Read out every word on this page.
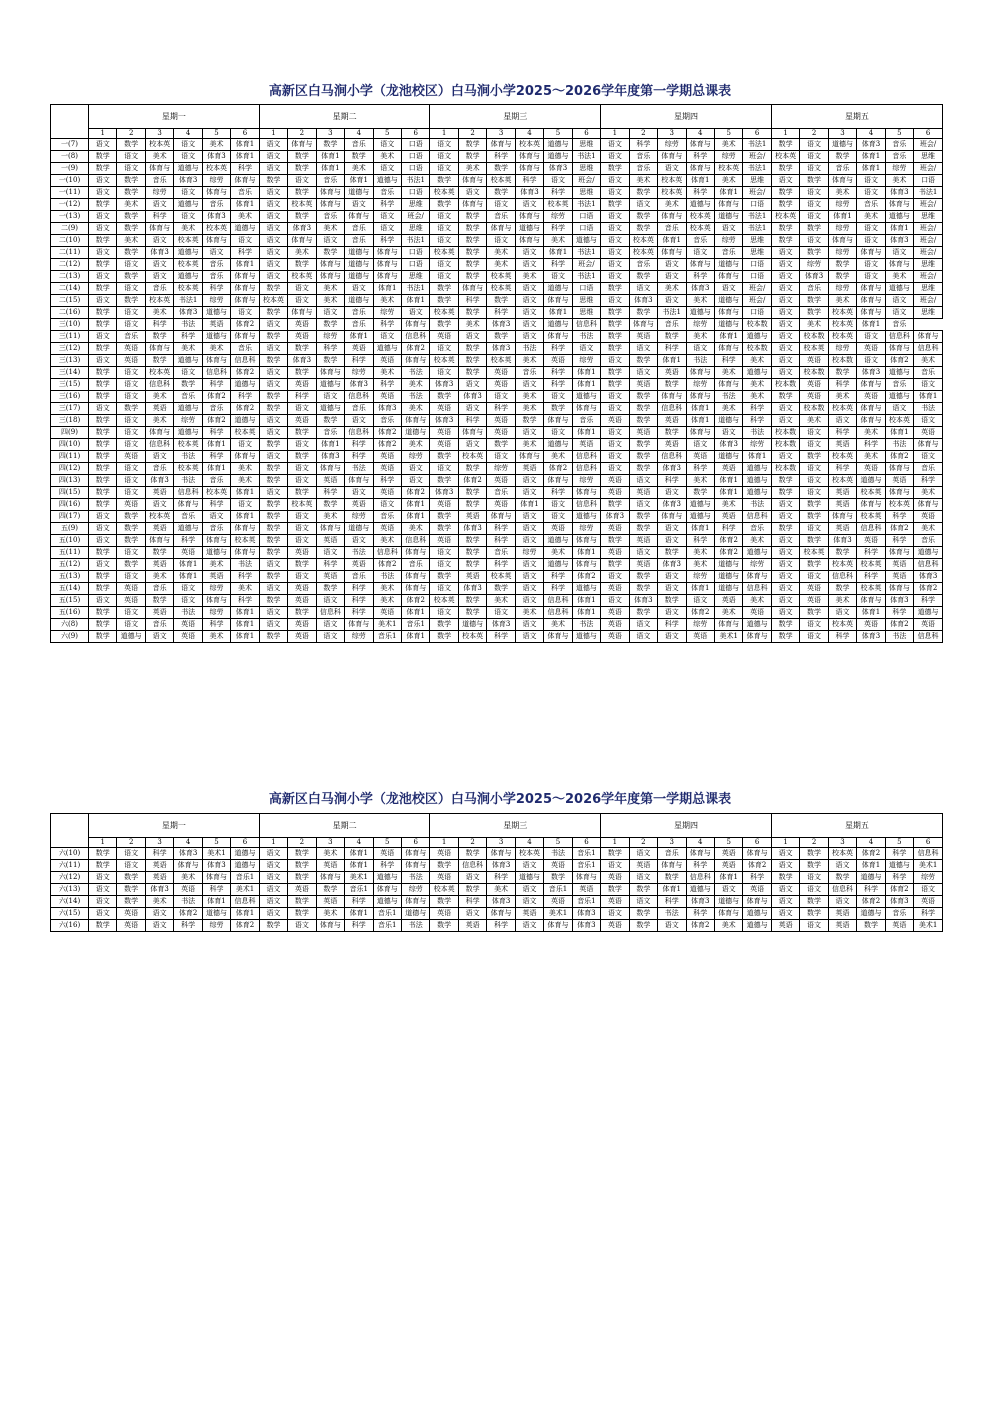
高新区白马涧小学（龙池校区）白马涧小学2025～2026学年度第一学期总课表
	星期一						星期二						星期三						星期四						星期五					
	1	2	3	4	5	6	1	2	3	4	5	6	1	2	3	4	5	6	1	2	3	4	5	6	1	2	3	4	5	6
一(7)	语文	数学	校本英	语文	美术	体育1	语文	体育与	数学	音乐	语文	口语	语文	数学	体育与	校本英	道德与	思维	语文	科学	综劳	体育与	美术	书法1	数学	语文	道德与	体育3	音乐	班会/
一(8)	数学	语文	美术	语文	体育3	体育1	语文	数学	体育1	数学	美术	口语	语文	数学	科学	体育与	道德与	书法1	语文	音乐	体育与	科学	综劳	班会/	校本英	语文	数学	体育1	音乐	思维
一(9)	数学	语文	体育与	道德与	校本英	科学	语文	数学	体育1	美术	语文	口语	语文	美术	数学	体育与	体育3	思维	数学	音乐	语文	体育与	校本英	书法1	数学	语文	音乐	体育1	综劳	班会/
一(10)	语文	数学	音乐	体育3	综劳	体育与	数学	语文	音乐	体育1	道德与	书法1	数学	体育与	校本英	科学	语文	班会/	语文	美术	校本英	体育1	美术	思维	语文	数学	体育与	语文	美术	口语
一(11)	语文	数学	综劳	语文	体育与	音乐	语文	数学	体育与	道德与	音乐	口语	校本英	语文	数学	体育3	科学	思维	语文	数学	校本英	科学	体育1	班会/	数学	语文	美术	语文	体育3	书法1
一(12)	数学	美术	语文	道德与	音乐	体育1	语文	校本英	体育与	语文	科学	思维	数学	体育与	语文	语文	校本英	书法1	数学	语文	美术	道德与	体育与	口语	数学	语文	综劳	音乐	体育与	班会/
一(13)	语文	数学	科学	语文	体育3	美术	语文	数学	音乐	体育与	语文	班会/	语文	数学	音乐	体育与	综劳	口语	语文	数学	体育与	校本英	道德与	书法1	校本英	语文	体育1	美术	道德与	思维
二(9)	语文	数学	体育与	美术	校本英	道德与	语文	体育3	美术	音乐	语文	思维	语文	数学	体育与	道德与	科学	口语	语文	数学	音乐	校本英	语文	书法1	数学	数学	综劳	语文	体育1	班会/
二(10)	数学	美术	语文	校本英	体育与	语文	语文	体育与	语文	音乐	科学	书法1	语文	数学	语文	体育与	美术	道德与	语文	校本英	体育1	音乐	综劳	思维	数学	语文	体育与	语文	体育3	班会/
二(11)	语文	数学	体育3	道德与	语文	科学	语文	美术	数学	道德与	体育与	口语	校本英	数学	美术	语文	体育1	书法1	语文	校本英	体育与	语文	音乐	思维	语文	数学	综劳	体育与	语文	班会/
二(12)	数学	语文	语文	校本英	音乐	体育1	语文	数学	体育与	道德与	体育与	口语	语文	数学	美术	语文	科学	班会/	语文	音乐	语文	体育与	道德与	口语	语文	综劳	数学	语文	体育与	思维
二(13)	语文	数学	语文	道德与	音乐	体育与	语文	校本英	体育与	道德与	体育与	思维	语文	数学	校本英	美术	语文	书法1	语文	数学	语文	科学	体育与	口语	语文	体育3	数学	语文	美术	班会/
二(14)	数学	语文	音乐	校本英	科学	体育与	数学	语文	美术	语文	体育1	书法1	数学	体育与	校本英	语文	道德与	口语	数学	语文	美术	体育3	语文	班会/	语文	音乐	综劳	体育与	道德与	思维
二(15)	语文	数学	校本英	书法1	综劳	体育与	校本英	语文	美术	道德与	美术	体育1	数学	科学	数学	语文	体育与	思维	语文	体育3	语文	美术	道德与	班会/	语文	数学	美术	体育与	语文	班会/
二(16)	数学	语文	美术	体育3	道德与	语文	数学	体育与	语文	音乐	综劳	语文	校本英	数学	科学	语文	体育1	思维	数学	数学	书法1	道德与	体育与	口语	语文	数学	校本英	体育与	语文	思维
三(10)	数学	语文	科学	书法	英语	体育2	语文	英语	数学	音乐	科学	体育与	数学	美术	体育3	语文	道德与	信息科	数学	体育与	音乐	综劳	道德与	校本数	语文	美术	校本英	体育1	音乐	
三(11)	语文	音乐	数学	科学	道德与	体育与	数学	英语	综劳	体育1	语文	信息科	英语	语文	数学	语文	体育与	书法	数学	英语	数学	美术	体育1	道德与	语文	校本数	校本英	语文	信息科	体育与
三(12)	数学	英语	体育与	美术	美术	音乐	语文	数学	科学	英语	道德与	体育2	语文	数学	体育3	书法	科学	语文	数学	语文	科学	语文	体育与	校本数	语文	校本英	综劳	英语	体育与	信息科
三(13)	语文	英语	数学	道德与	体育与	信息科	数学	体育3	数学	科学	英语	体育与	校本英	数学	校本英	美术	英语	综劳	语文	数学	体育1	书法	科学	美术	语文	英语	校本数	语文	体育2	美术
三(14)	数学	语文	校本英	语文	信息科	体育2	语文	数学	体育与	综劳	美术	书法	语文	数学	英语	音乐	科学	体育1	数学	语文	英语	体育与	美术	道德与	语文	校本数	数学	体育3	道德与	音乐
三(15)	数学	语文	信息科	数学	科学	道德与	语文	英语	道德与	体育3	科学	美术	体育3	语文	英语	语文	科学	体育1	数学	英语	数学	综劳	体育与	美术	校本数	英语	科学	体育与	音乐	语文
三(16)	数学	语文	美术	音乐	体育2	科学	数学	科学	语文	信息科	英语	书法	数学	体育3	语文	美术	语文	道德与	语文	数学	体育与	体育与	书法	美术	数学	英语	美术	英语	道德与	体育1
三(17)	语文	数学	英语	道德与	音乐	体育2	数学	语文	道德与	音乐	体育3	美术	英语	语文	科学	美术	数学	体育与	语文	数学	信息科	体育1	美术	科学	语文	校本数	校本英	体育与	语文	书法
三(18)	数学	语文	美术	综劳	体育2	道德与	语文	英语	数学	语文	音乐	体育与	体育3	科学	英语	数学	体育与	音乐	英语	数学	英语	体育1	道德与	科学	语文	美术	语文	体育与	校本英	语文
四(9)	数学	语文	体育与	道德与	科学	校本英	语文	数学	音乐	信息科	体育2	道德与	英语	体育与	英语	语文	语文	体育1	语文	英语	数学	体育与	语文	书法	校本数	语文	科学	美术	体育1	英语
四(10)	数学	语文	信息科	校本英	体育1	语文	数学	语文	体育1	科学	体育2	美术	英语	语文	数学	美术	道德与	英语	语文	数学	英语	语文	体育3	综劳	校本数	语文	英语	科学	书法	体育与
四(11)	数学	英语	语文	书法	科学	体育与	语文	数学	体育3	科学	英语	综劳	数学	校本英	语文	体育与	美术	信息科	语文	数学	信息科	英语	道德与	体育1	语文	数学	校本英	美术	体育2	语文
四(12)	数学	语文	音乐	校本英	体育1	美术	数学	语文	体育与	书法	英语	语文	语文	数学	综劳	英语	体育2	信息科	语文	数学	体育3	科学	英语	道德与	校本数	语文	科学	英语	体育与	音乐
四(13)	数学	语文	体育3	书法	音乐	美术	数学	语文	英语	体育与	科学	语文	数学	体育2	英语	语文	体育与	综劳	英语	语文	科学	美术	体育1	道德与	数学	语文	校本英	道德与	英语	科学
四(15)	数学	语文	英语	信息科	校本英	体育1	语文	数学	科学	语文	英语	体育2	体育3	数学	音乐	语文	科学	体育与	英语	英语	语文	数学	体育1	道德与	数学	语文	英语	校本英	体育与	美术
四(16)	数学	英语	语文	体育与	科学	语文	数学	校本英	数学	英语	语文	体育1	英语	数学	英语	体育1	语文	信息科	数学	语文	体育3	道德与	美术	书法	语文	数学	英语	体育与	校本英	体育与
四(17)	语文	数学	校本英	音乐	语文	体育1	数学	语文	美术	综劳	音乐	体育1	数学	英语	体育与	语文	语文	道德与	体育3	数学	体育与	道德与	英语	信息科	语文	数学	体育与	校本英	科学	英语
五(9)	语文	数学	英语	道德与	音乐	体育与	数学	语文	体育与	道德与	英语	美术	数学	体育3	科学	语文	英语	综劳	英语	数学	语文	体育1	科学	音乐	数学	语文	英语	信息科	体育2	美术
五(10)	语文	数学	体育与	科学	体育与	校本英	数学	语文	英语	语文	美术	信息科	英语	数学	科学	语文	道德与	体育与	数学	英语	语文	科学	体育2	美术	语文	数学	体育3	英语	科学	音乐
五(11)	数学	语文	数学	英语	道德与	体育与	数学	英语	语文	书法	信息科	体育与	语文	数学	音乐	综劳	美术	体育1	英语	语文	数学	美术	体育2	道德与	语文	校本英	数学	科学	体育与	道德与
五(12)	语文	数学	英语	体育1	美术	书法	语文	数学	科学	英语	体育2	音乐	语文	数学	科学	语文	道德与	体育与	数学	英语	体育3	美术	道德与	综劳	语文	数学	校本英	校本英	英语	信息科
五(13)	数学	语文	美术	体育1	英语	科学	数学	语文	英语	音乐	书法	体育与	数学	英语	校本英	语文	科学	体育2	语文	数学	语文	综劳	道德与	体育与	语文	语文	信息科	科学	英语	体育3
五(14)	数学	英语	音乐	语文	综劳	美术	语文	英语	数学	科学	美术	体育与	语文	体育3	数学	语文	科学	道德与	英语	数学	语文	体育1	道德与	信息科	语文	英语	数学	校本英	体育与	体育2
五(15)	语文	英语	数学	语文	体育与	科学	数学	英语	语文	科学	美术	体育2	校本英	数学	美术	语文	信息科	体育1	语文	体育3	数学	语文	英语	美术	语文	英语	美术	体育与	体育3	科学
五(16)	数学	语文	英语	书法	综劳	体育1	语文	数学	信息科	科学	英语	体育1	语文	数学	语文	美术	信息科	体育1	英语	数学	语文	体育2	美术	英语	语文	数学	语文	体育1	科学	道德与
六(8)	数学	语文	音乐	英语	科学	体育1	语文	英语	语文	体育与	美术1	音乐1	数学	道德与	体育3	语文	美术	书法	英语	语文	科学	综劳	体育与	道德与	数学	语文	校本英	英语	体育2	英语
六(9)	数学	道德与	语文	英语	美术	体育1	数学	英语	语文	综劳	音乐1	体育1	数学	校本英	科学	语文	体育与	道德与	英语	语文	语文	英语	美术1	体育与	数学	语文	科学	体育3	书法	信息科
高新区白马涧小学（龙池校区）白马涧小学2025～2026学年度第一学期总课表
	星期一						星期二						星期三						星期四						星期五					
	1	2	3	4	5	6	1	2	3	4	5	6	1	2	3	4	5	6	1	2	3	4	5	6	1	2	3	4	5	6
六(10)	数学	语文	科学	体育3	美术1	道德与	语文	数学	美术	体育1	英语	体育与	英语	数学	体育与	校本英	书法	音乐1	数学	语文	音乐	体育与	英语	体育与	语文	数学	校本英	体育2	科学	信息科
六(11)	数学	语文	英语	体育与	体育3	道德与	语文	数学	英语	体育1	科学	体育与	数学	信息科	体育3	语文	英语	音乐1	语文	英语	体育与	科学	英语	体育2	语文	数学	语文	体育1	道德与	美术1
六(12)	语文	数学	英语	美术	体育与	音乐1	语文	数学	体育与	美术1	道德与	书法	英语	语文	科学	道德与	数学	体育与	英语	语文	数学	信息科	体育1	科学	数学	语文	数学	道德与	科学	综劳
六(13)	语文	数学	体育3	英语	科学	美术1	语文	英语	数学	音乐1	体育与	综劳	校本英	数学	美术	语文	音乐1	英语	数学	数学	体育1	道德与	语文	英语	语文	语文	信息科	科学	体育2	语文
六(14)	语文	数学	美术	书法	体育1	信息科	语文	数学	英语	科学	道德与	体育与	数学	科学	体育3	语文	英语	音乐1	英语	语文	科学	体育3	道德与	体育与	语文	数学	语文	体育2	体育3	英语
六(15)	语文	英语	语文	体育2	道德与	体育1	语文	数学	美术	体育1	音乐1	道德与	英语	语文	体育与	英语	美术1	体育3	语文	数学	书法	科学	体育与	道德与	语文	数学	英语	道德与	音乐	科学
六(16)	数学	英语	语文	科学	综劳	体育2	数学	语文	体育与	科学	音乐1	书法	数学	英语	科学	语文	体育与	体育3	英语	数学	语文	体育2	美术	道德与	英语	语文	英语	数学	英语	美术1
